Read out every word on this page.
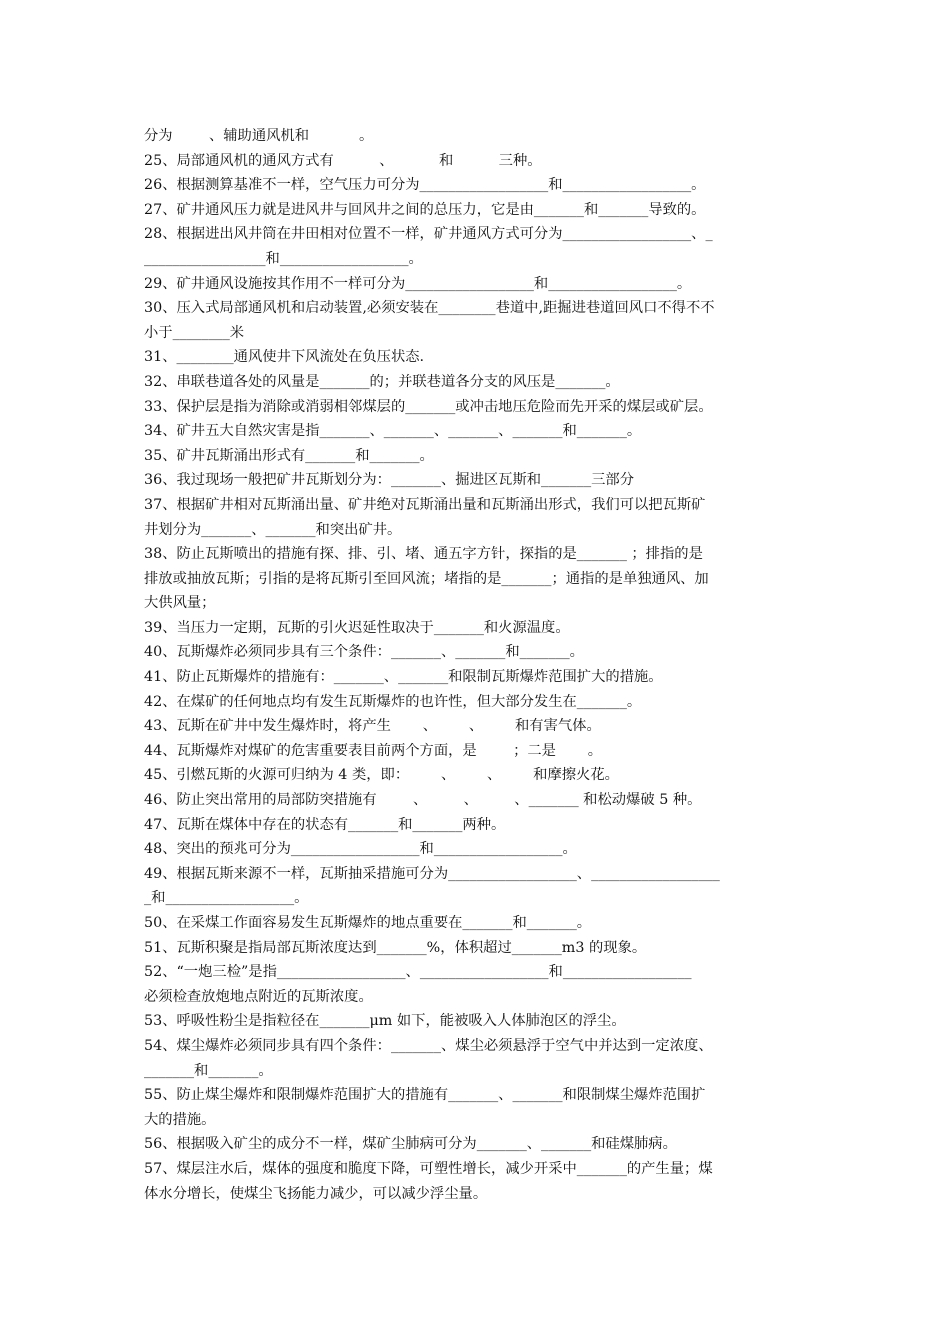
分为        、辅助通风机和           。
25、局部通风机的通风方式有          、          和          三种。
26、根据测算基准不一样，空气压力可分为__________________和__________________。
27、矿井通风压力就是进风井与回风井之间的总压力，它是由_______和_______导致的。
28、根据进出风井筒在井田相对位置不一样，矿井通风方式可分为__________________、_
_________________和__________________。
29、矿井通风设施按其作用不一样可分为__________________和__________________。
30、压入式局部通风机和启动装置,必须安装在________巷道中,距掘进巷道回风口不得不不
小于________米
31、________通风使井下风流处在负压状态.
32、串联巷道各处的风量是_______的；并联巷道各分支的风压是_______。
33、保护层是指为消除或消弱相邻煤层的_______或冲击地压危险而先开采的煤层或矿层。
34、矿井五大自然灾害是指_______、_______、_______、_______和_______。
35、矿井瓦斯涌出形式有_______和_______。
36、我过现场一般把矿井瓦斯划分为：_______、掘进区瓦斯和_______三部分
37、根据矿井相对瓦斯涌出量、矿井绝对瓦斯涌出量和瓦斯涌出形式，我们可以把瓦斯矿
井划分为_______、_______和突出矿井。
38、防止瓦斯喷出的措施有探、排、引、堵、通五字方针，探指的是_______ ；排指的是
排放或抽放瓦斯；引指的是将瓦斯引至回风流；堵指的是_______；通指的是单独通风、加
大供风量；
39、当压力一定期，瓦斯的引火迟延性取决于_______和火源温度。
40、瓦斯爆炸必须同步具有三个条件：_______、_______和_______。
41、防止瓦斯爆炸的措施有：_______、_______和限制瓦斯爆炸范围扩大的措施。
42、在煤矿的任何地点均有发生瓦斯爆炸的也许性，但大部分发生在_______。
43、瓦斯在矿井中发生爆炸时，将产生       、       、       和有害气体。
44、瓦斯爆炸对煤矿的危害重要表目前两个方面，是        ；二是       。
45、引燃瓦斯的火源可归纳为 4 类，即：       、       、       和摩擦火花。
46、防止突出常用的局部防突措施有        、        、        、_______ 和松动爆破 5 种。
47、瓦斯在煤体中存在的状态有_______和_______两种。
48、突出的预兆可分为__________________和__________________。
49、根据瓦斯来源不一样，瓦斯抽采措施可分为__________________、__________________
_和__________________。
50、在采煤工作面容易发生瓦斯爆炸的地点重要在_______和_______。
51、瓦斯积聚是指局部瓦斯浓度达到_______%，体积超过_______m3 的现象。
52、“一炮三检”是指__________________、__________________和__________________
必须检查放炮地点附近的瓦斯浓度。
53、呼吸性粉尘是指粒径在_______μm 如下，能被吸入人体肺泡区的浮尘。
54、煤尘爆炸必须同步具有四个条件：_______、煤尘必须悬浮于空气中并达到一定浓度、
_______和_______。
55、防止煤尘爆炸和限制爆炸范围扩大的措施有_______、_______和限制煤尘爆炸范围扩
大的措施。
56、根据吸入矿尘的成分不一样，煤矿尘肺病可分为_______、_______和硅煤肺病。
57、煤层注水后，煤体的强度和脆度下降，可塑性增长，减少开采中_______的产生量；煤
体水分增长，使煤尘飞扬能力减少，可以减少浮尘量。
